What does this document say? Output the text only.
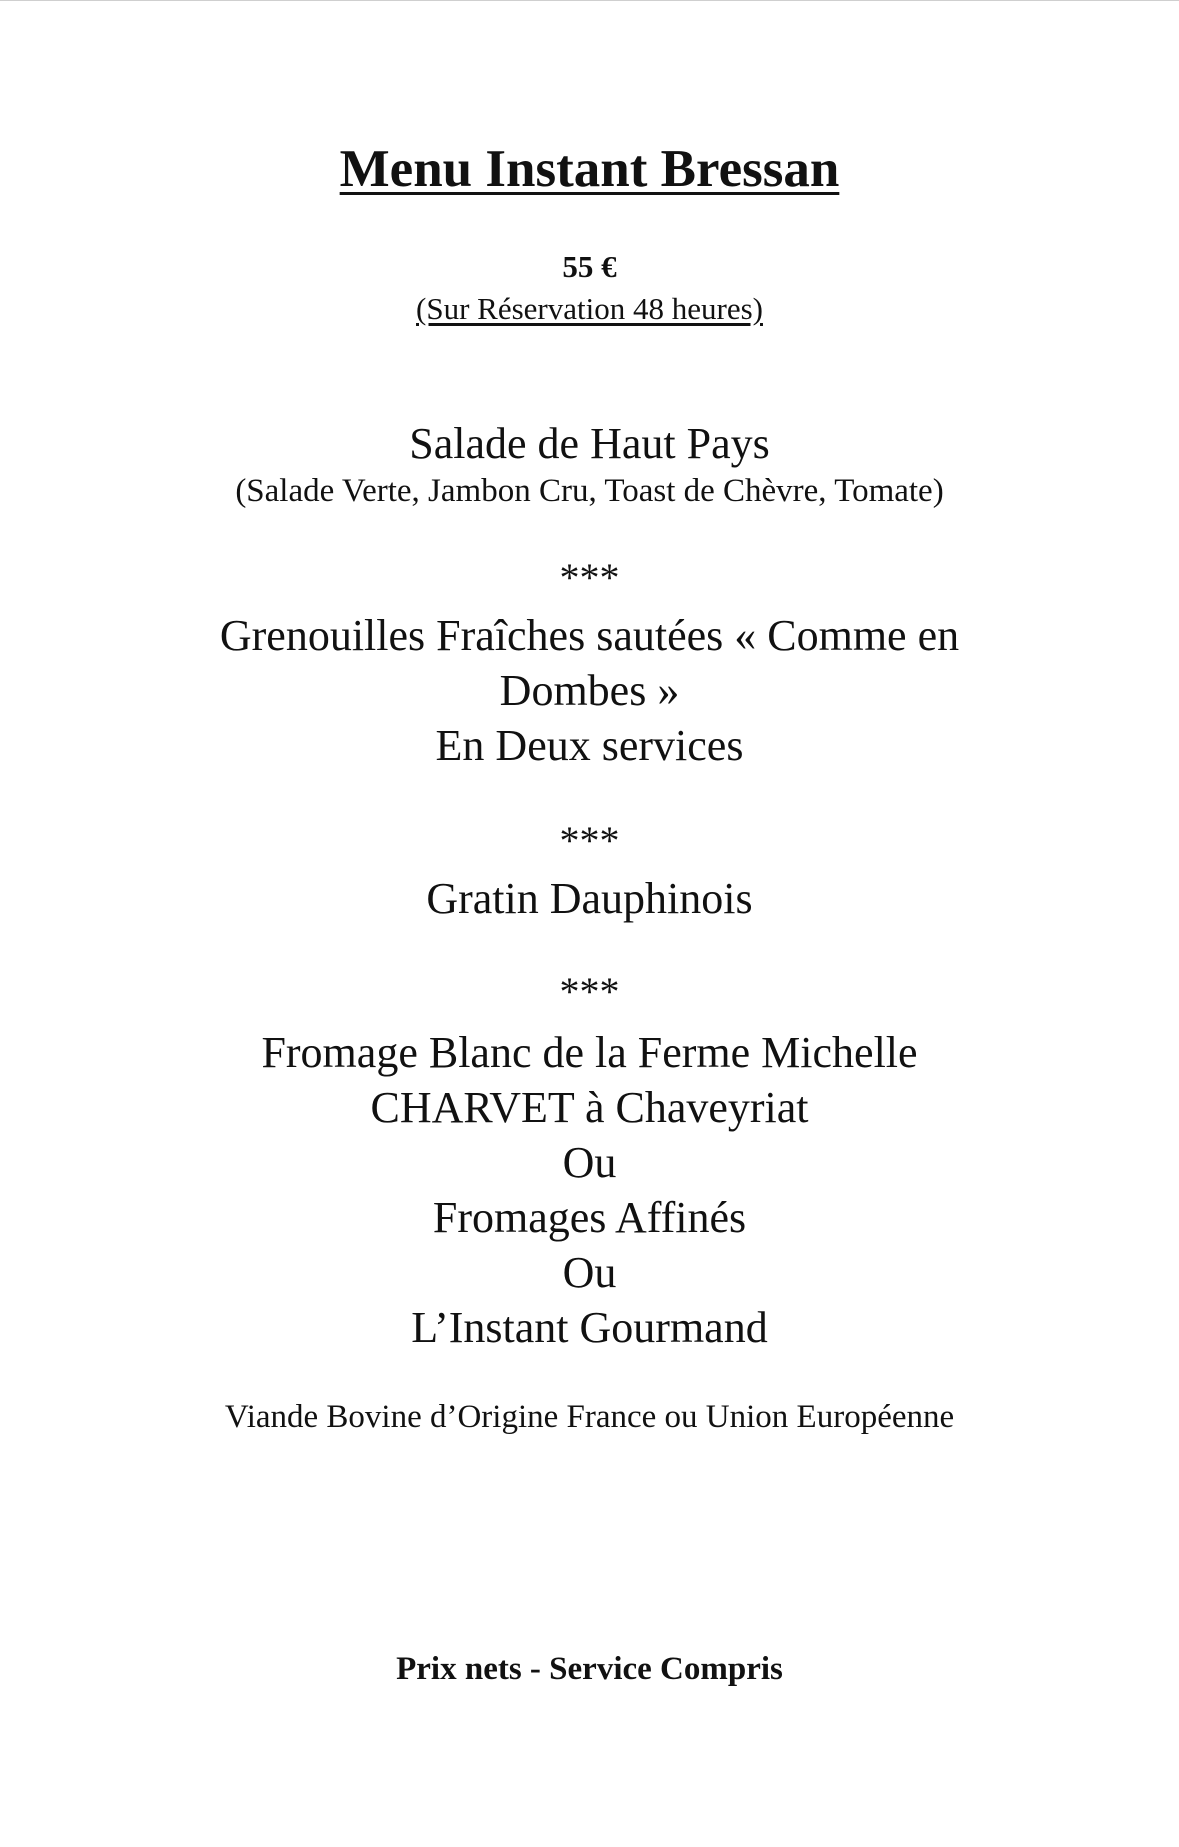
Menu Instant Bressan
55 €
(Sur Réservation 48 heures)
Salade de Haut Pays
(Salade Verte, Jambon Cru, Toast de Chèvre, Tomate)
***
Grenouilles Fraîches sautées « Comme en
Dombes »
En Deux services
***
Gratin Dauphinois
***
Fromage Blanc de la Ferme Michelle
CHARVET à Chaveyriat
Ou
Fromages Affinés
Ou
L’Instant Gourmand
Viande Bovine d’Origine France ou Union Européenne
Prix nets - Service Compris
